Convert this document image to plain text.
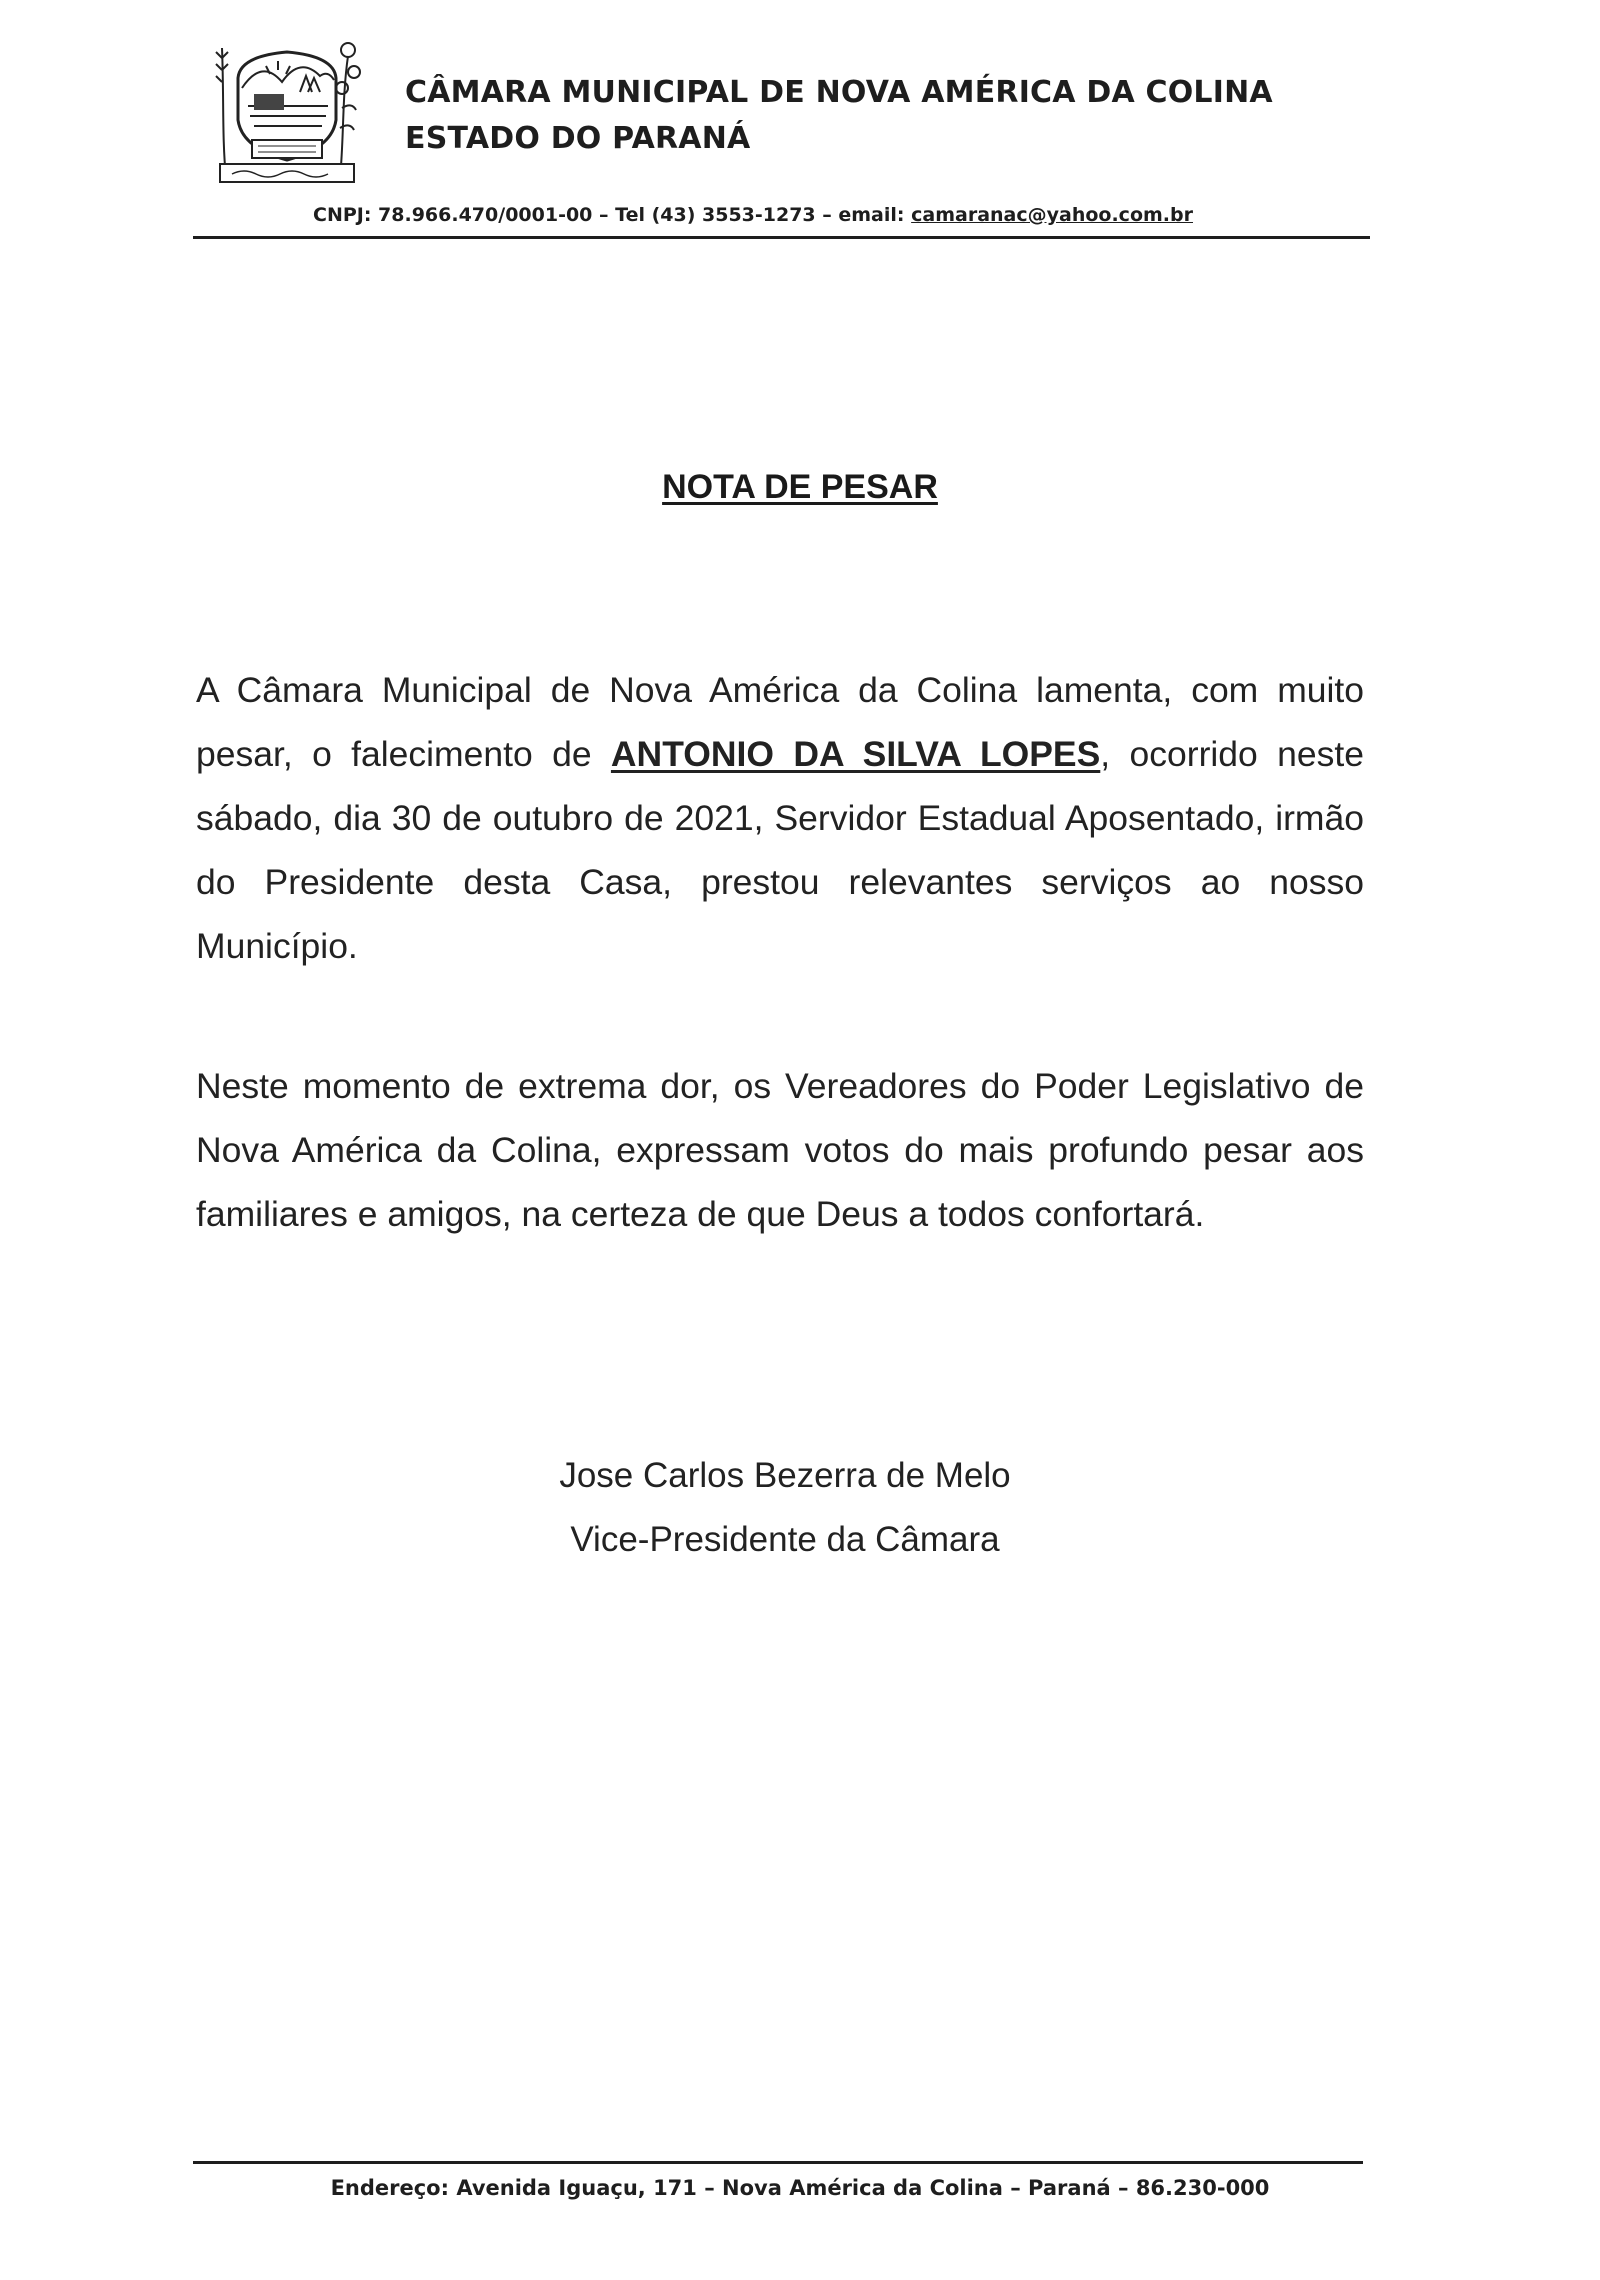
CÂMARA MUNICIPAL DE NOVA AMÉRICA DA COLINA
ESTADO DO PARANÁ
CNPJ: 78.966.470/0001-00 – Tel (43) 3553-1273 – email: camaranac@yahoo.com.br
NOTA DE PESAR
A Câmara Municipal de Nova América da Colina lamenta, com muito pesar, o falecimento de ANTONIO DA SILVA LOPES, ocorrido neste sábado, dia 30 de outubro de 2021, Servidor Estadual Aposentado, irmão do Presidente desta Casa, prestou relevantes serviços ao nosso Município.
Neste momento de extrema dor, os Vereadores do Poder Legislativo de Nova América da Colina, expressam votos do mais profundo pesar aos familiares e amigos, na certeza de que Deus a todos confortará.
Jose Carlos Bezerra de Melo
Vice-Presidente da Câmara
Endereço: Avenida Iguaçu, 171 – Nova América da Colina – Paraná – 86.230-000
